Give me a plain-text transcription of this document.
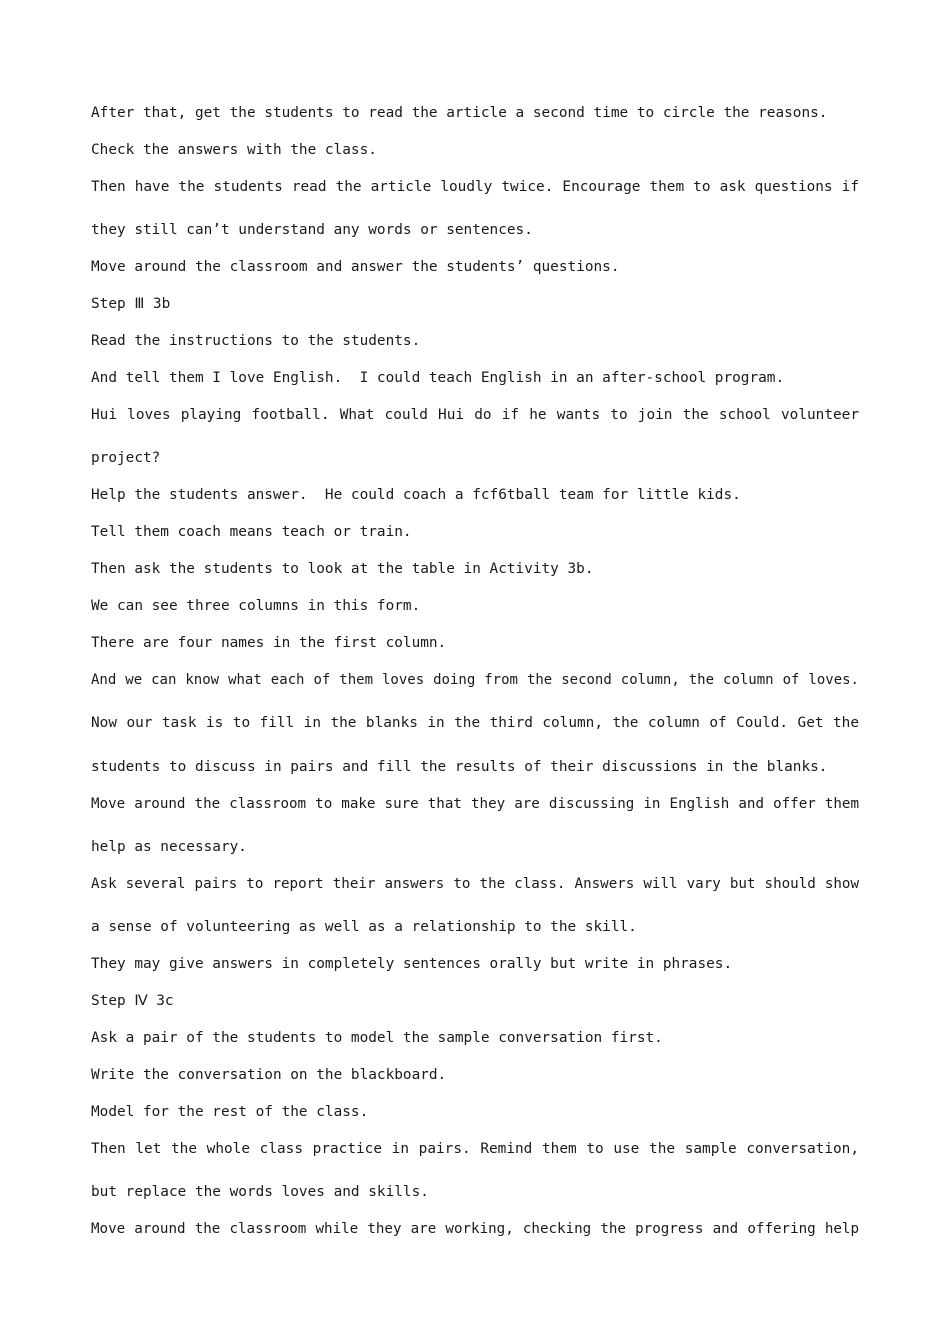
After that, get the students to read the article a second time to circle the reasons.
Check the answers with the class.
Then have the students read the article loudly twice. Encourage them to ask questions if
they still can’t understand any words or sentences.
Move around the classroom and answer the students’ questions.
Step Ⅲ 3b
Read the instructions to the students.
And tell them I love English.  I could teach English in an after-school program.
Hui loves playing football. What could Hui do if he wants to join the school volunteer
project?
Help the students answer.  He could coach a fcf6tball team for little kids.
Tell them coach means teach or train.
Then ask the students to look at the table in Activity 3b.
We can see three columns in this form.
There are four names in the first column.
And we can know what each of them loves doing from the second column, the column of loves.
Now our task is to fill in the blanks in the third column, the column of Could. Get the
students to discuss in pairs and fill the results of their discussions in the blanks.
Move around the classroom to make sure that they are discussing in English and offer them
help as necessary.
Ask several pairs to report their answers to the class. Answers will vary but should show
a sense of volunteering as well as a relationship to the skill.
They may give answers in completely sentences orally but write in phrases.
Step Ⅳ 3c
Ask a pair of the students to model the sample conversation first.
Write the conversation on the blackboard.
Model for the rest of the class.
Then let the whole class practice in pairs. Remind them to use the sample conversation,
but replace the words loves and skills.
Move around the classroom while they are working, checking the progress and offering help
